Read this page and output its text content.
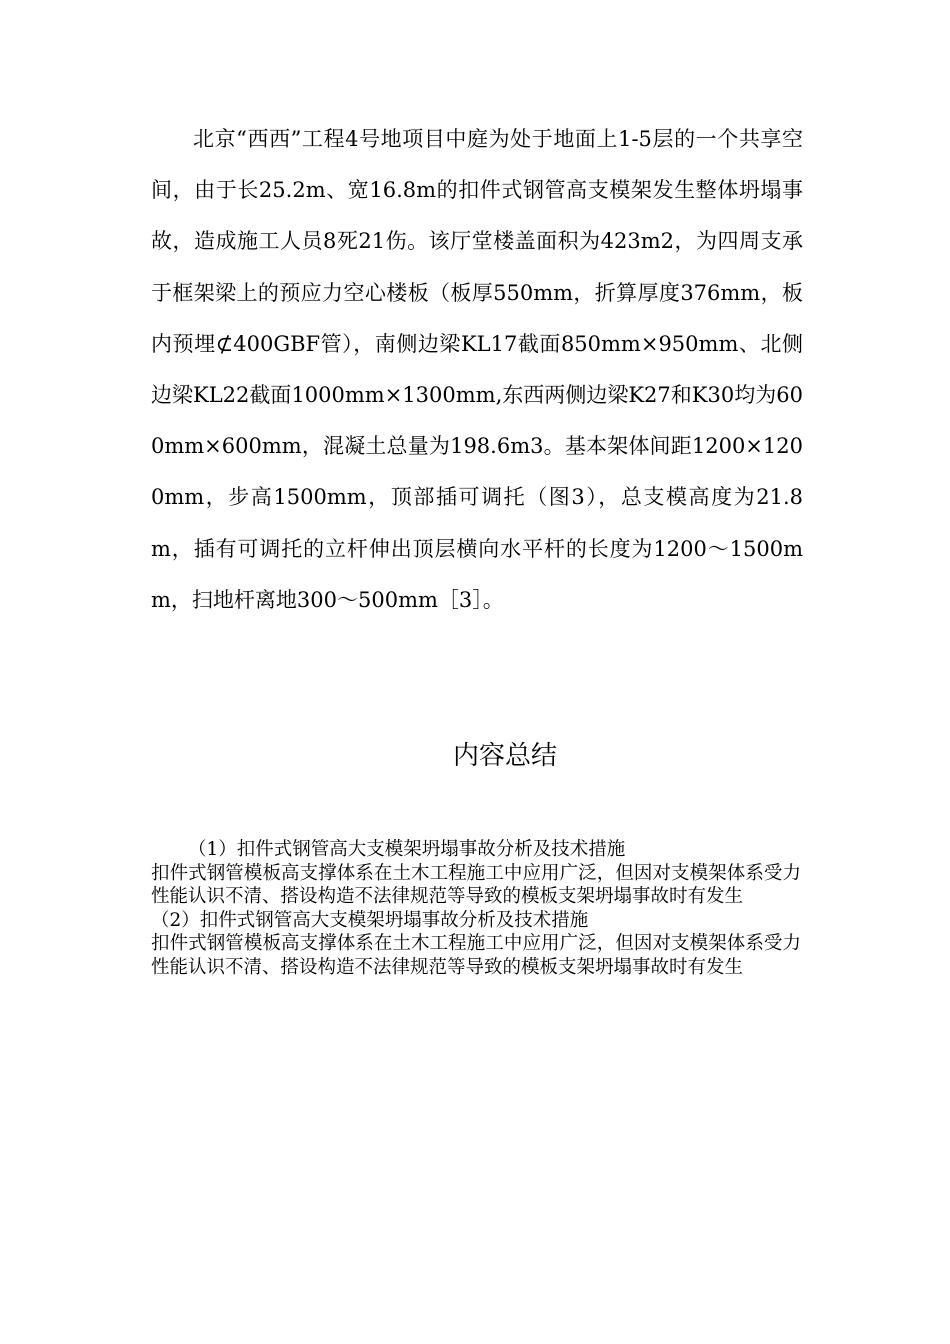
北京“西西”工程4号地项目中庭为处于地面上1-5层的一个共享空间，由于长25.2m、宽16.8m的扣件式钢管高支模架发生整体坍塌事故，造成施工人员8死21伤。该厅堂楼盖面积为423m2，为四周支承于框架梁上的预应力空心楼板（板厚550mm，折算厚度376mm，板内预埋⊄400GBF管），南侧边梁KL17截面850mm×950mm、北侧边梁KL22截面1000mm×1300mm,东西两侧边梁K27和K30均为600mm×600mm，混凝土总量为198.6m3。基本架体间距1200×1200mm，步高1500mm，顶部插可调托（图3），总支模高度为21.8m，插有可调托的立杆伸出顶层横向水平杆的长度为1200～1500mm，扫地杆离地300～500mm［3］。

内容总结

（1）扣件式钢管高大支模架坍塌事故分析及技术措施

扣件式钢管模板高支撑体系在土木工程施工中应用广泛，但因对支模架体系受力性能认识不清、搭设构造不法律规范等导致的模板支架坍塌事故时有发生

（2）扣件式钢管高大支模架坍塌事故分析及技术措施

扣件式钢管模板高支撑体系在土木工程施工中应用广泛，但因对支模架体系受力性能认识不清、搭设构造不法律规范等导致的模板支架坍塌事故时有发生
